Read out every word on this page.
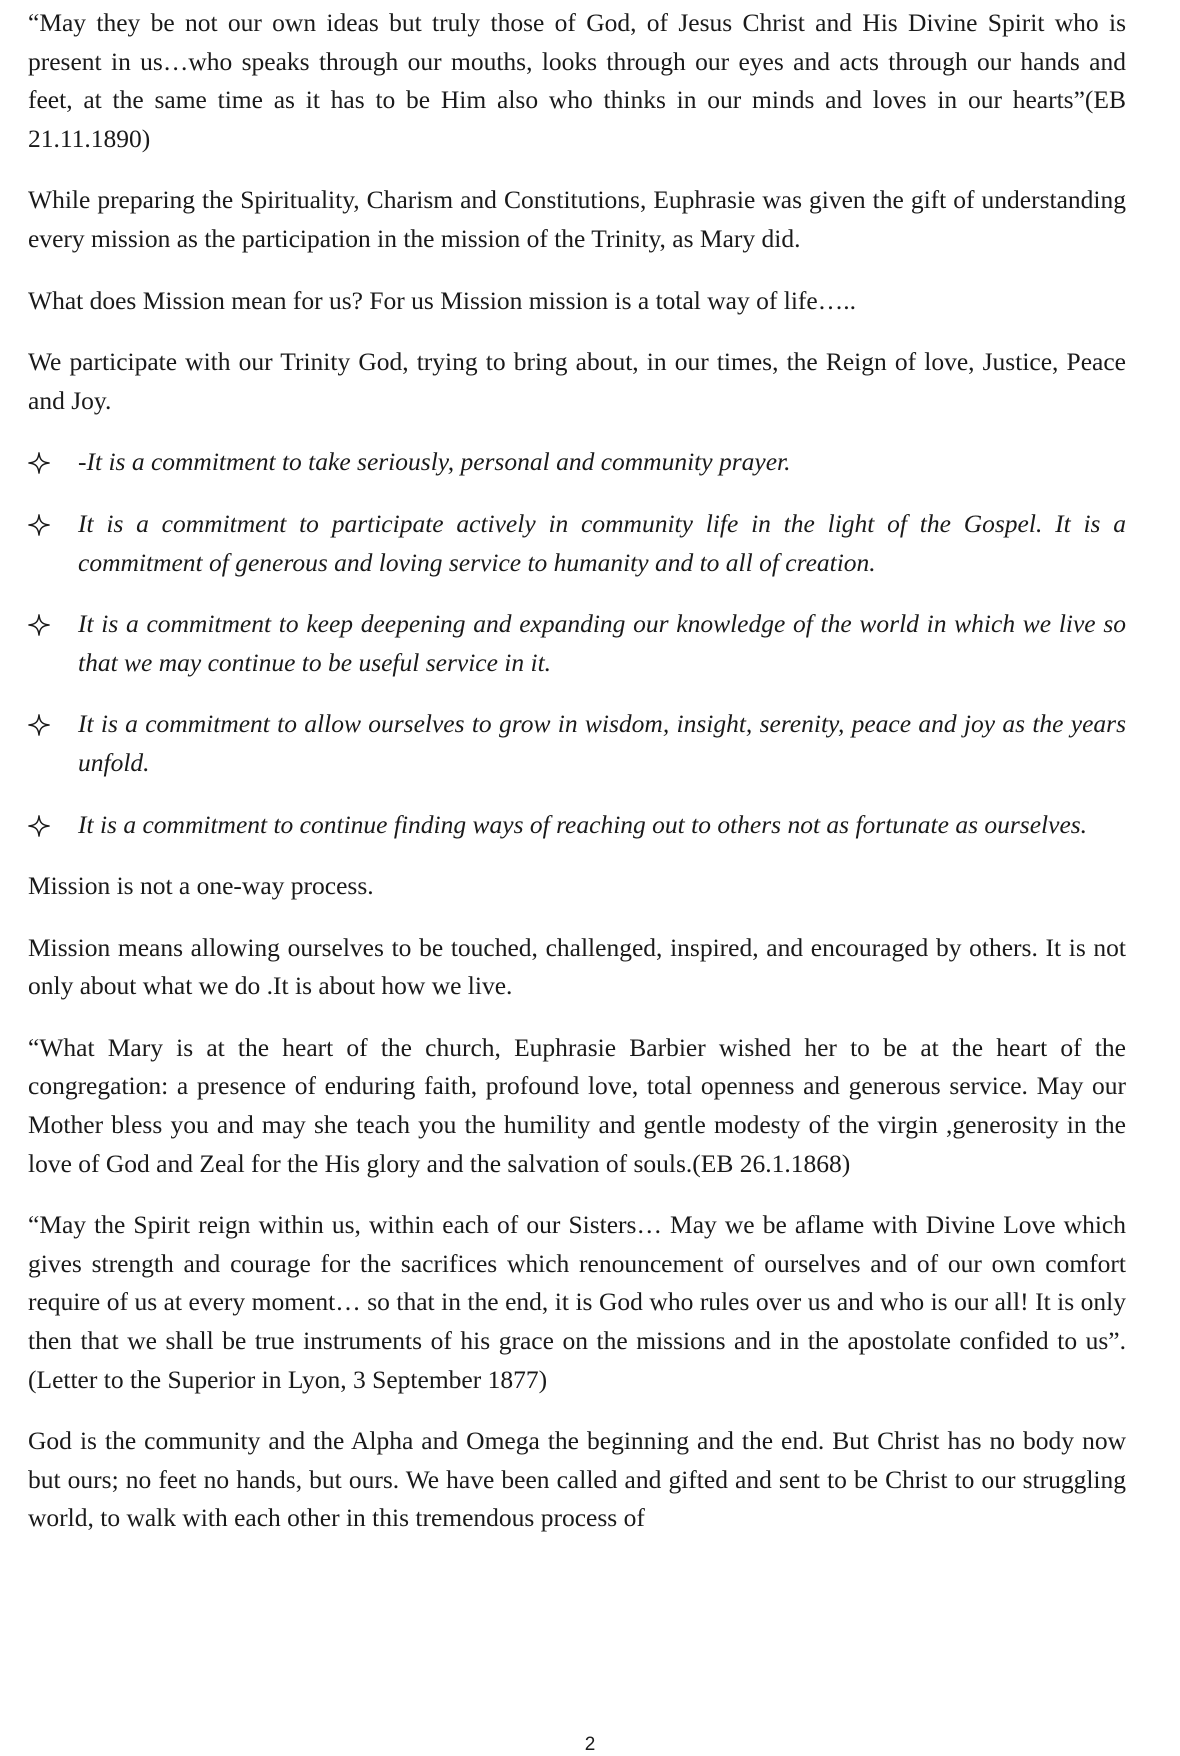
“May they be not our own ideas but truly those of God, of Jesus Christ and His Divine Spirit who is present in us…who speaks through our mouths, looks through our eyes and acts through our hands and feet, at the same time as it has to be Him also who thinks in our minds and loves in our hearts”(EB 21.11.1890)

While preparing the Spirituality, Charism and Constitutions, Euphrasie was given the gift of understanding every mission as the participation in the mission of the Trinity, as Mary did.

What does Mission mean for us? For us Mission mission is a total way of life…..

We participate with our Trinity God, trying to bring about, in our times, the Reign of love, Justice, Peace and Joy.

-It is a commitment to take seriously, personal and community prayer.
It is a commitment to participate actively in community life in the light of the Gospel. It is a commitment of generous and loving service to humanity and to all of creation.
It is a commitment to keep deepening and expanding our knowledge of the world in which we live so that we may continue to be useful service in it.
It is a commitment to allow ourselves to grow in wisdom, insight, serenity, peace and joy as the years unfold.
It is a commitment to continue finding ways of reaching out to others not as fortunate as ourselves.

Mission is not a one-way process.

Mission means allowing ourselves to be touched, challenged, inspired, and encouraged by others. It is not only about what we do .It is about how we live.

“What Mary is at the heart of the church, Euphrasie Barbier wished her to be at the heart of the congregation: a presence of enduring faith, profound love, total openness and generous service. May our Mother bless you and may she teach you the humility and gentle modesty of the virgin ,generosity in the love of God and Zeal for the His glory and the salvation of souls.(EB 26.1.1868)

“May the Spirit reign within us, within each of our Sisters… May we be aflame with Divine Love which gives strength and courage for the sacrifices which renouncement of ourselves and of our own comfort require of us at every moment… so that in the end, it is God who rules over us and who is our all! It is only then that we shall be true instruments of his grace on the missions and in the apostolate confided to us”. (Letter to the Superior in Lyon, 3 September 1877)

God is the community and the Alpha and Omega the beginning and the end. But Christ has no body now but ours; no feet no hands, but ours. We have been called and gifted and sent to be Christ to our struggling world, to walk with each other in this tremendous process of

2
